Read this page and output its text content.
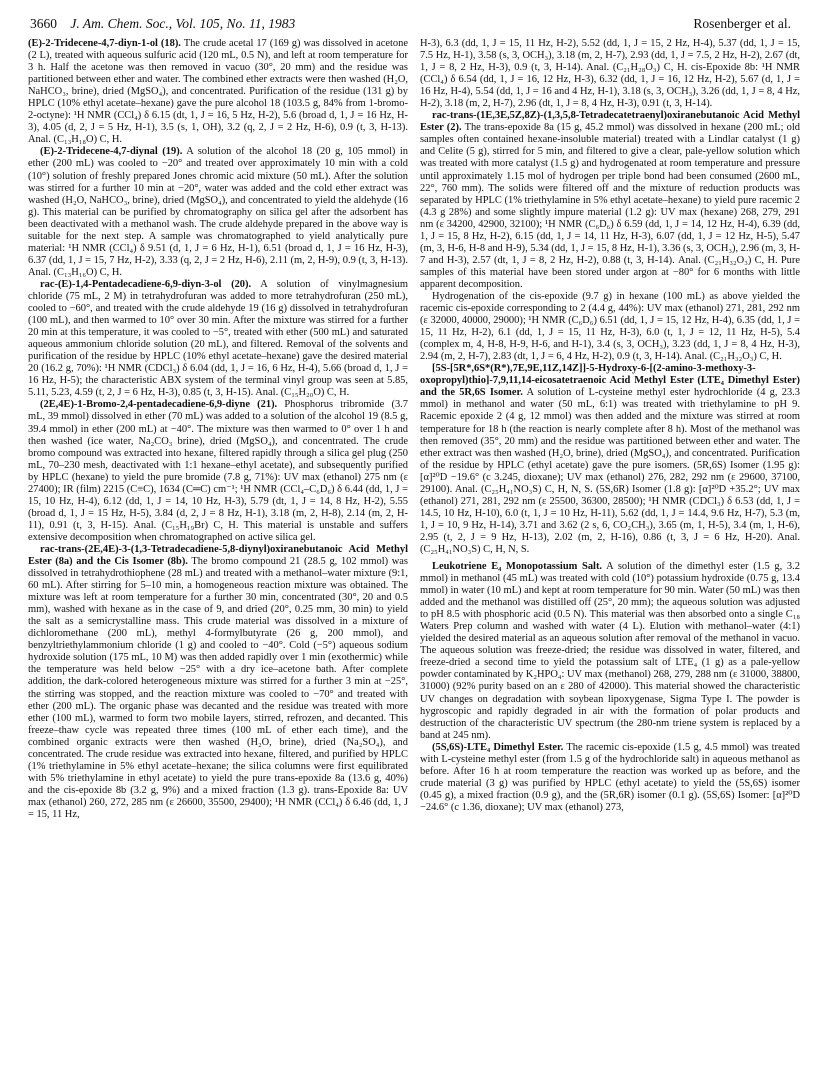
3660 J. Am. Chem. Soc., Vol. 105, No. 11, 1983	Rosenberger et al.

(E)-2-Tridecene-4,7-diyn-1-ol (18). The crude acetal 17 (169 g) was dissolved in acetone (2 L), treated with aqueous sulfuric acid (120 mL, 0.5 N), and left at room temperature for 3 h. Half the acetone was then removed in vacuo (30°, 20 mm) and the residue was partitioned between ether and water. The combined ether extracts were then washed (H₂O, NaHCO₃, brine), dried (MgSO₄), and concentrated. Purification of the residue (131 g) by HPLC (10% ethyl acetate–hexane) gave the pure alcohol 18 (103.5 g, 84% from 1-bromo-2-octyne): ¹H NMR (CCl₄) δ 6.15 (dt, 1, J = 16, 5 Hz, H-2), 5.6 (broad d, 1, J = 16 Hz, H-3), 4.05 (d, 2, J = 5 Hz, H-1), 3.5 (s, 1, OH), 3.2 (q, 2, J = 2 Hz, H-6), 0.9 (t, 3, H-13). Anal. (C₁₃H₁₈O) C, H.

(E)-2-Tridecene-4,7-diynal (19). A solution of the alcohol 18 (20 g, 105 mmol) in ether (200 mL) was cooled to −20° and treated over approximately 10 min with a cold (10°) solution of freshly prepared Jones chromic acid mixture (50 mL). After the solution was stirred for a further 10 min at −20°, water was added and the cold ether extract was washed (H₂O, NaHCO₃, brine), dried (MgSO₄), and concentrated to yield the aldehyde (16 g). This material can be purified by chromatography on silica gel after the adsorbent has been deactivated with a methanol wash. The crude aldehyde prepared in the above way is suitable for the next step. A sample was chromatographed to yield analytically pure material: ¹H NMR (CCl₄) δ 9.51 (d, 1, J = 6 Hz, H-1), 6.51 (broad d, 1, J = 16 Hz, H-3), 6.37 (dd, 1, J = 15, 7 Hz, H-2), 3.33 (q, 2, J = 2 Hz, H-6), 2.11 (m, 2, H-9), 0.9 (t, 3, H-13). Anal. (C₁₃H₁₆O) C, H.

rac-(E)-1,4-Pentadecadiene-6,9-diyn-3-ol (20). A solution of vinylmagnesium chloride (75 mL, 2 M) in tetrahydrofuran was added to more tetrahydrofuran (250 mL), cooled to −60°, and treated with the crude aldehyde 19 (16 g) dissolved in tetrahydrofuran (100 mL), and then warmed to 10° over 30 min. After the mixture was stirred for a further 20 min at this temperature, it was cooled to −5°, treated with ether (500 mL) and saturated aqueous ammonium chloride solution (20 mL), and filtered. Removal of the solvents and purification of the residue by HPLC (10% ethyl acetate–hexane) gave the desired material 20 (16.2 g, 70%): ¹H NMR (CDCl₃) δ 6.04 (dd, 1, J = 16, 6 Hz, H-4), 5.66 (broad d, 1, J = 16 Hz, H-5); the characteristic ABX system of the terminal vinyl group was seen at 5.85, 5.11, 5.23, 4.59 (t, 2, J = 6 Hz, H-3), 0.85 (t, 3, H-15). Anal. (C₁₅H₂₀O) C, H.

(2E,4E)-1-Bromo-2,4-pentadecadiene-6,9-diyne (21). Phosphorus tribromide (3.7 mL, 39 mmol) dissolved in ether (70 mL) was added to a solution of the alcohol 19 (8.5 g, 39.4 mmol) in ether (200 mL) at −40°. The mixture was then warmed to 0° over 1 h and then washed (ice water, Na₂CO₃ brine), dried (MgSO₄), and concentrated. The crude bromo compound was extracted into hexane, filtered rapidly through a silica gel plug (250 mL, 70–230 mesh, deactivated with 1:1 hexane–ethyl acetate), and subsequently purified by HPLC (hexane) to yield the pure bromide (7.8 g, 71%): UV max (ethanol) 275 nm (ε 27400); IR (film) 2215 (C≡C), 1634 (C═C) cm⁻¹; ¹H NMR (CCl₄–C₆D₆) δ 6.44 (dd, 1, J = 15, 10 Hz, H-4), 6.12 (dd, 1, J = 14, 10 Hz, H-3), 5.79 (dt, 1, J = 14, 8 Hz, H-2), 5.55 (broad d, 1, J = 15 Hz, H-5), 3.84 (d, 2, J = 8 Hz, H-1), 3.18 (m, 2, H-8), 2.14 (m, 2, H-11), 0.91 (t, 3, H-15). Anal. (C₁₅H₁₉Br) C, H. This material is unstable and suffers extensive decomposition when chromatographed on active silica gel.

rac-trans-(2E,4E)-3-(1,3-Tetradecadiene-5,8-diynyl)oxiranebutanoic Acid Methyl Ester (8a) and the Cis Isomer (8b). The bromo compound 21 (28.5 g, 102 mmol) was dissolved in tetrahydrothiophene (28 mL) and treated with a methanol–water mixture (9:1, 60 mL). After stirring for 5–10 min, a homogeneous reaction mixture was obtained. The mixture was left at room temperature for a further 30 min, concentrated (30°, 20 and 0.5 mm), washed with hexane as in the case of 9, and dried (20°, 0.25 mm, 30 min) to yield the salt as a semicrystalline mass. This crude material was dissolved in a mixture of dichloromethane (200 mL), methyl 4-formylbutyrate (26 g, 200 mmol), and benzyltriethylammonium chloride (1 g) and cooled to −40°. Cold (−5°) aqueous sodium hydroxide solution (175 mL, 10 M) was then added rapidly over 1 min (exothermic) while the temperature was held below −25° with a dry ice–acetone bath. After complete addition, the dark-colored heterogeneous mixture was stirred for a further 3 min at −25°, the stirring was stopped, and the reaction mixture was cooled to −70° and treated with ether (200 mL). The organic phase was decanted and the residue was treated with more ether (100 mL), warmed to form two mobile layers, stirred, refrozen, and decanted. This freeze–thaw cycle was repeated three times (100 mL of ether each time), and the combined organic extracts were then washed (H₂O, brine), dried (Na₂SO₄), and concentrated. The crude residue was extracted into hexane, filtered, and purified by HPLC (1% triethylamine in 5% ethyl acetate–hexane; the silica columns were first equilibrated with 5% triethylamine in ethyl acetate) to yield the pure trans-epoxide 8a (13.6 g, 40%) and the cis-epoxide 8b (3.2 g, 9%) and a mixed fraction (1.3 g). trans-Epoxide 8a: UV max (ethanol) 260, 272, 285 nm (ε 26600, 35500, 29400); ¹H NMR (CCl₄) δ 6.46 (dd, 1, J = 15, 11 Hz,

H-3), 6.3 (dd, 1, J = 15, 11 Hz, H-2), 5.52 (dd, 1, J = 15, 2 Hz, H-4), 5.37 (dd, 1, J = 15, 7.5 Hz, H-1), 3.58 (s, 3, OCH₃), 3.18 (m, 2, H-7), 2.93 (dd, 1, J = 7.5, 2 Hz, H-2), 2.67 (dt, 1, J = 8, 2 Hz, H-3), 0.9 (t, 3, H-14). Anal. (C₂₁H₂₈O₃) C, H. cis-Epoxide 8b: ¹H NMR (CCl₄) δ 6.54 (dd, 1, J = 16, 12 Hz, H-3), 6.32 (dd, 1, J = 16, 12 Hz, H-2), 5.67 (d, 1, J = 16 Hz, H-4), 5.54 (dd, 1, J = 16 and 4 Hz, H-1), 3.18 (s, 3, OCH₃), 3.26 (dd, 1, J = 8, 4 Hz, H-2), 3.18 (m, 2, H-7), 2.96 (dt, 1, J = 8, 4 Hz, H-3), 0.91 (t, 3, H-14).

rac-trans-(1E,3E,5Z,8Z)-(1,3,5,8-Tetradecatetraenyl)oxiranebutanoic Acid Methyl Ester (2). The trans-epoxide 8a (15 g, 45.2 mmol) was dissolved in hexane (200 mL; old samples often contained hexane-insoluble material) treated with a Lindlar catalyst (1 g) and Celite (5 g), stirred for 5 min, and filtered to give a clear, pale-yellow solution which was treated with more catalyst (1.5 g) and hydrogenated at room temperature and pressure until approximately 1.15 mol of hydrogen per triple bond had been consumed (2600 mL, 22°, 760 mm). The solids were filtered off and the mixture of reduction products was separated by HPLC (1% triethylamine in 5% ethyl acetate–hexane) to yield pure racemic 2 (4.3 g 28%) and some slightly impure material (1.2 g): UV max (hexane) 268, 279, 291 nm (ε 34200, 42900, 32100); ¹H NMR (C₆D₆) δ 6.59 (dd, 1, J = 14, 12 Hz, H-4), 6.39 (dd, 1, J = 15, 8 Hz, H-2), 6.15 (dd, 1, J = 14, 11 Hz, H-3), 6.07 (dd, 1, J = 12 Hz, H-5), 5.47 (m, 3, H-6, H-8 and H-9), 5.34 (dd, 1, J = 15, 8 Hz, H-1), 3.36 (s, 3, OCH₃), 2.96 (m, 3, H-7 and H-3), 2.57 (dt, 1, J = 8, 2 Hz, H-2), 0.88 (t, 3, H-14). Anal. (C₂₁H₃₂O₃) C, H. Pure samples of this material have been stored under argon at −80° for 6 months with little apparent decomposition.

Hydrogenation of the cis-epoxide (9.7 g) in hexane (100 mL) as above yielded the racemic cis-epoxide corresponding to 2 (4.4 g, 44%): UV max (ethanol) 271, 281, 292 nm (ε 32000, 40000, 29000); ¹H NMR (C₆D₆) 6.51 (dd, 1, J = 15, 12 Hz, H-4), 6.35 (dd, 1, J = 15, 11 Hz, H-2), 6.1 (dd, 1, J = 15, 11 Hz, H-3), 6.0 (t, 1, J = 12, 11 Hz, H-5), 5.4 (complex m, 4, H-8, H-9, H-6, and H-1), 3.4 (s, 3, OCH₃), 3.23 (dd, 1, J = 8, 4 Hz, H-3), 2.94 (m, 2, H-7), 2.83 (dt, 1, J = 6, 4 Hz, H-2), 0.9 (t, 3, H-14). Anal. (C₂₁H₃₂O₃) C, H.

[5S-[5R*,6S*(R*),7E,9E,11Z,14Z]]-5-Hydroxy-6-[(2-amino-3-methoxy-3-oxopropyl)thio]-7,9,11,14-eicosatetraenoic Acid Methyl Ester (LTE₄ Dimethyl Ester) and the 5R,6S Isomer. A solution of L-cysteine methyl ester hydrochloride (4 g, 23.3 mmol) in methanol and water (50 mL, 6:1) was treated with triethylamine to pH 9. Racemic epoxide 2 (4 g, 12 mmol) was then added and the mixture was stirred at room temperature for 18 h (the reaction is nearly complete after 8 h). Most of the methanol was then removed (35°, 20 mm) and the residue was partitioned between ether and water. The ether extract was then washed (H₂O, brine), dried (MgSO₄), and concentrated. Purification of the residue by HPLC (ethyl acetate) gave the pure isomers. (5R,6S) Isomer (1.95 g): [α]²⁰D −19.6° (c 3.245, dioxane); UV max (ethanol) 276, 282, 292 nm (ε 29600, 37100, 29100). Anal. (C₂₅H₄₁NO₃S) C, H, N, S. (5S,6R) Isomer (1.8 g): [α]²⁰D +35.2°; UV max (ethanol) 271, 281, 292 nm (ε 25500, 36300, 28500); ¹H NMR (CDCl₃) δ 6.53 (dd, 1, J = 14.5, 10 Hz, H-10), 6.0 (t, 1, J = 10 Hz, H-11), 5.62 (dd, 1, J = 14.4, 9.6 Hz, H-7), 5.3 (m, 1, J = 10, 9 Hz, H-14), 3.71 and 3.62 (2 s, 6, CO₂CH₃), 3.65 (m, 1, H-5), 3.4 (m, 1, H-6), 2.95 (t, 2, J = 9 Hz, H-13), 2.02 (m, 2, H-16), 0.86 (t, 3, J = 6 Hz, H-20). Anal. (C₂₅H₄₁NO₃S) C, H, N, S.

Leukotriene E₄ Monopotassium Salt. A solution of the dimethyl ester (1.5 g, 3.2 mmol) in methanol (45 mL) was treated with cold (10°) potassium hydroxide (0.75 g, 13.4 mmol) in water (10 mL) and kept at room temperature for 90 min. Water (50 mL) was then added and the methanol was distilled off (25°, 20 mm); the aqueous solution was adjusted to pH 8.5 with phosphoric acid (0.5 N). This material was then absorbed onto a single C₁₈ Waters Prep column and washed with water (4 L). Elution with methanol–water (4:1) yielded the desired material as an aqueous solution after removal of the methanol in vacuo. The aqueous solution was freeze-dried; the residue was dissolved in water, filtered, and freeze-dried a second time to yield the potassium salt of LTE₄ (1 g) as a pale-yellow powder contaminated by K₂HPO₄: UV max (methanol) 268, 279, 288 nm (ε 31000, 38800, 31000) (92% purity based on an ε 280 of 42000). This material showed the characteristic UV changes on degradation with soybean lipoxygenase, Sigma Type I. The powder is hygroscopic and rapidly degraded in air with the formation of polar products and destruction of the characteristic UV spectrum (the 280-nm triene system is replaced by a band at 245 nm).

(5S,6S)-LTE₄ Dimethyl Ester. The racemic cis-epoxide (1.5 g, 4.5 mmol) was treated with L-cysteine methyl ester (from 1.5 g of the hydrochloride salt) in aqueous methanol as before. After 16 h at room temperature the reaction was worked up as before, and the crude material (3 g) was purified by HPLC (ethyl acetate) to yield the (5S,6S) isomer (0.45 g), a mixed fraction (0.9 g), and the (5R,6R) isomer (0.1 g). (5S,6S) Isomer: [α]²⁰D −24.6° (c 1.36, dioxane); UV max (ethanol) 273,
